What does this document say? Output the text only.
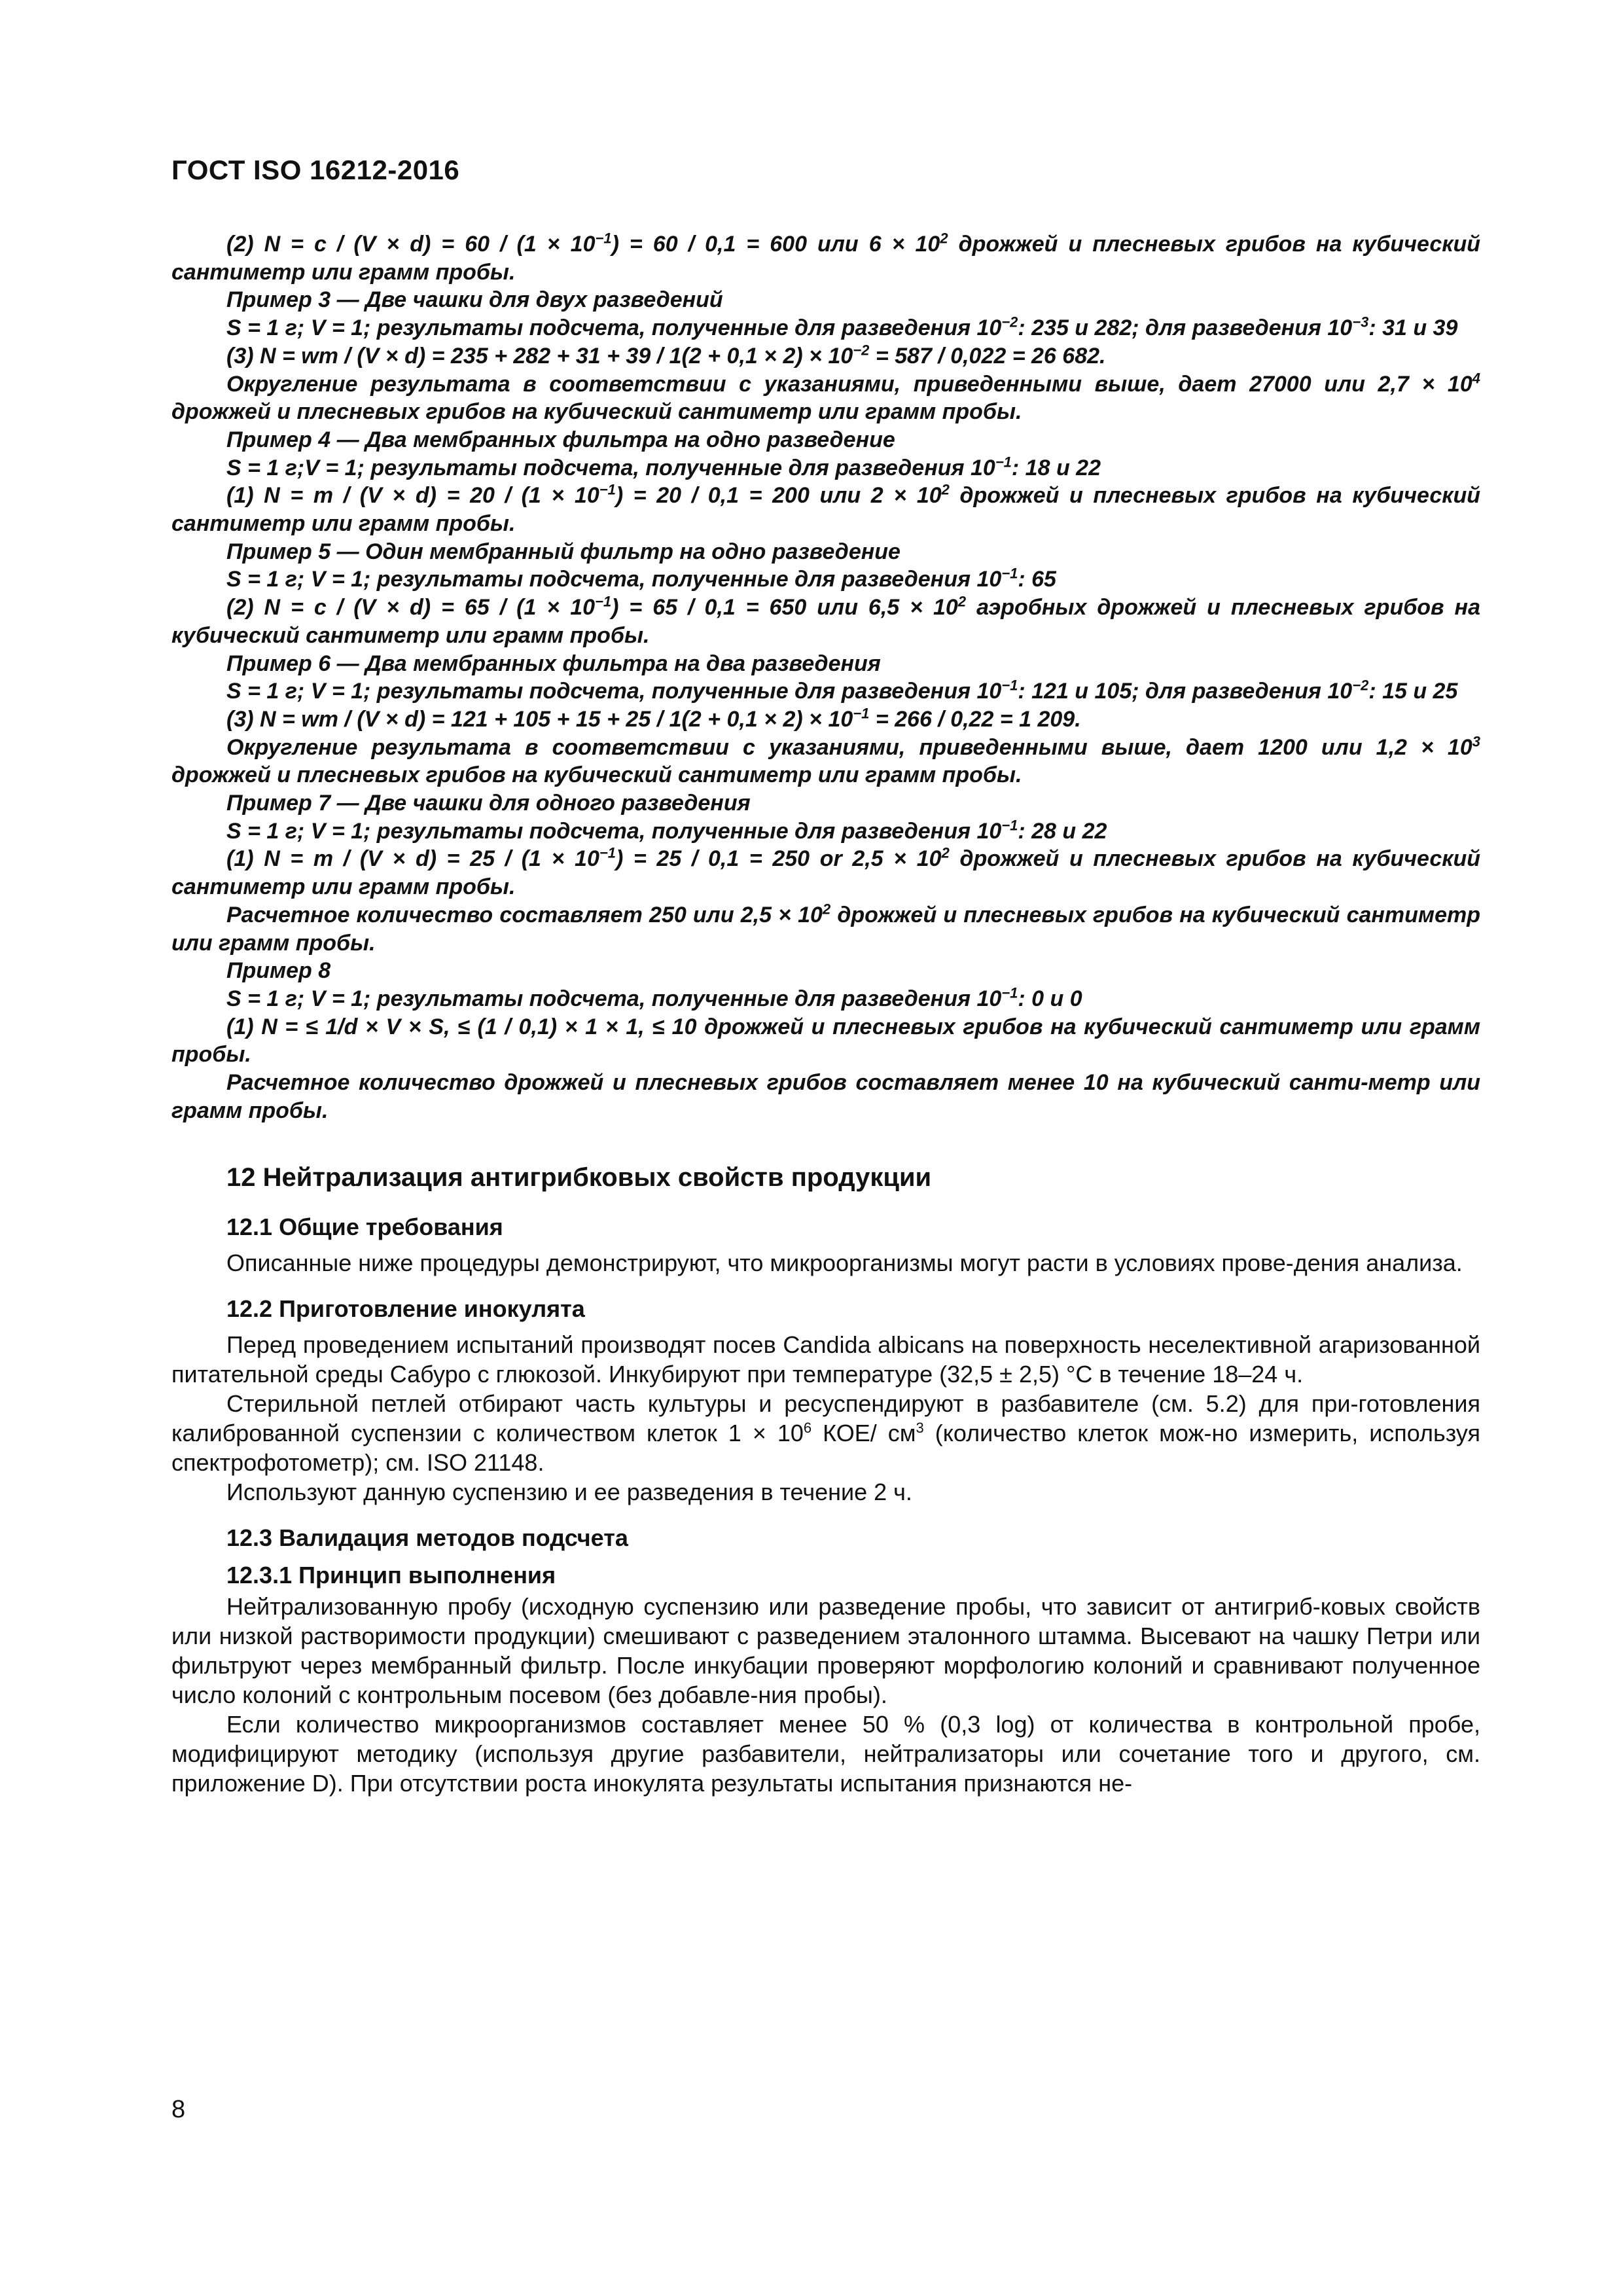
ГОСТ ISO 16212-2016

(2) $N = c / (V \times d) = 60 / (1 \times 10^{-1}) = 60 / 0,1 = 600$ или $6 \times 10^2$ дрожжей и плесневых грибов на кубический сантиметр или грамм пробы.

Пример 3 — Две чашки для двух разведений

S = 1 г; V = 1; результаты подсчета, полученные для разведения $10^{-2}$: 235 и 282; для разведения $10^{-3}$: 31 и 39

(3) N = wm / $(V \times d) = 235 + 282 + 31 + 39 / 1(2 + 0,1 \times 2) \times 10^{-2} = 587 / 0,022 = 26$ 682.

Округление результата в соответствии с указаниями, приведенными выше, дает 27000 или $2,7 \times 10^4$ дрожжей и плесневых грибов на кубический сантиметр или грамм пробы.

Пример 4 — Два мембранных фильтра на одно разведение

S = 1 г;V = 1; результаты подсчета, полученные для разведения $10^{-1}$: 18 и 22

(1) $N = m / (V \times d) = 20 / (1 \times 10^{-1}) = 20 / 0,1 = 200$ или $2 \times 10^2$ дрожжей и плесневых грибов на кубический сантиметр или грамм пробы.

Пример 5 — Один мембранный фильтр на одно разведение

S = 1 г; V = 1; результаты подсчета, полученные для разведения $10^{-1}$: 65

(2) $N = c / (V \times d) = 65 / (1 \times 10^{-1}) = 65 / 0,1 = 650$ или $6,5 \times 10^2$ аэробных дрожжей и плесневых грибов на кубический сантиметр или грамм пробы.

Пример 6 — Два мембранных фильтра на два разведения

S = 1 г; V = 1; результаты подсчета, полученные для разведения $10^{-1}$: 121 и 105; для разведения $10^{-2}$: 15 и 25

(3) N = wm / $(V \times d) = 121 + 105 + 15 + 25 / 1(2 + 0,1 \times 2) \times 10^{-1} = 266 / 0,22 = 1$ 209.

Округление результата в соответствии с указаниями, приведенными выше, дает 1200 или $1,2 \times 10^3$ дрожжей и плесневых грибов на кубический сантиметр или грамм пробы.

Пример 7 — Две чашки для одного разведения

S = 1 г; V = 1; результаты подсчета, полученные для разведения $10^{-1}$: 28 и 22

(1) $N = m / (V \times d) = 25 / (1 \times 10^{-1}) = 25 / 0,1 = 250$ or $2,5 \times 10^2$ дрожжей и плесневых грибов на кубический сантиметр или грамм пробы.

Расчетное количество составляет 250 или $2,5 \times 10^2$ дрожжей и плесневых грибов на кубический сантиметр или грамм пробы.

Пример 8

S = 1 г; V = 1; результаты подсчета, полученные для разведения $10^{-1}$: 0 и 0

(1) N = ≤ 1/d × V × S, ≤ (1 / 0,1) × 1 × 1, ≤ 10 дрожжей и плесневых грибов на кубический сантиметр или грамм пробы.

Расчетное количество дрожжей и плесневых грибов составляет менее 10 на кубический санти-метр или грамм пробы.

12 Нейтрализация антигрибковых свойств продукции
12.1 Общие требования

Описанные ниже процедуры демонстрируют, что микроорганизмы могут расти в условиях прове-дения анализа.

12.2 Приготовление инокулята

Перед проведением испытаний производят посев Candida albicans на поверхность неселективной агаризованной питательной среды Сабуро с глюкозой. Инкубируют при температуре (32,5 ± 2,5) °С в течение 18–24 ч.

Стерильной петлей отбирают часть культуры и ресуспендируют в разбавителе (см. 5.2) для при-готовления калиброванной суспензии с количеством клеток $1 \times 10^6$ КОЕ/ $см^3$ (количество клеток мож-но измерить, используя спектрофотометр); см. ISO 21148.

Используют данную суспензию и ее разведения в течение 2 ч.

12.3 Валидация методов подсчета
12.3.1 Принцип выполнения

Нейтрализованную пробу (исходную суспензию или разведение пробы, что зависит от антигриб-ковых свойств или низкой растворимости продукции) смешивают с разведением эталонного штамма. Высевают на чашку Петри или фильтруют через мембранный фильтр. После инкубации проверяют морфологию колоний и сравнивают полученное число колоний с контрольным посевом (без добавле-ния пробы).

Если количество микроорганизмов составляет менее 50 % (0,3 log) от количества в контрольной пробе, модифицируют методику (используя другие разбавители, нейтрализаторы или сочетание того и другого, см. приложение D). При отсутствии роста инокулята результаты испытания признаются не-

8
